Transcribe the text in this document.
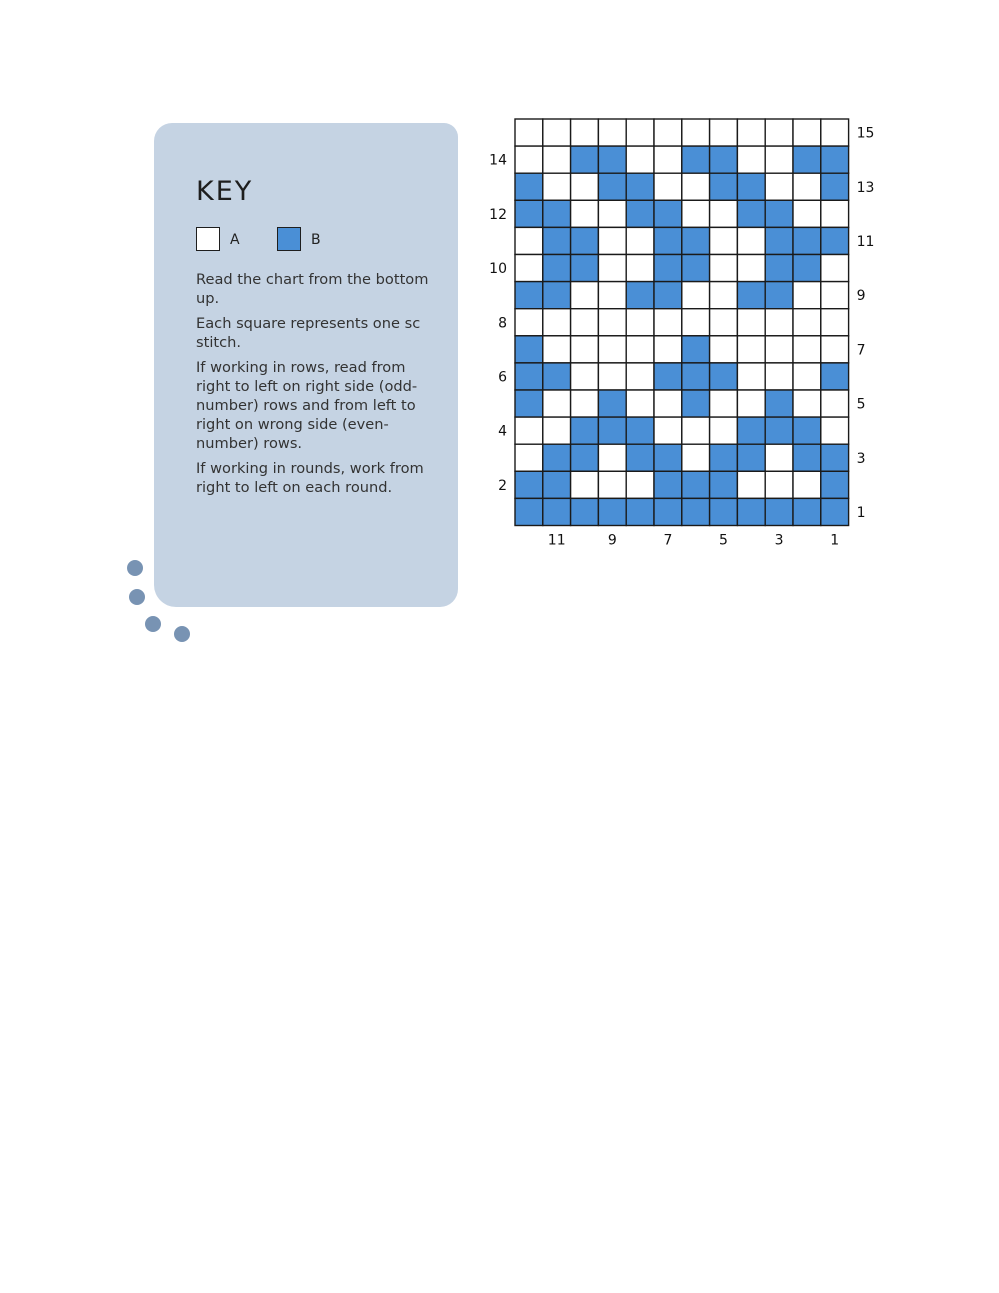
KEY
A	B

Read the chart from the bottom up.

Each square represents one sc stitch.

If working in rows, read from right to left on right side (odd-number) rows and from left to right on wrong side (even-number) rows.

If working in rounds, work from right to left on each round.

15
13
11
9
7
5
3
1
14
12
10
8
6
4
2
11	9	7	5	3	1
